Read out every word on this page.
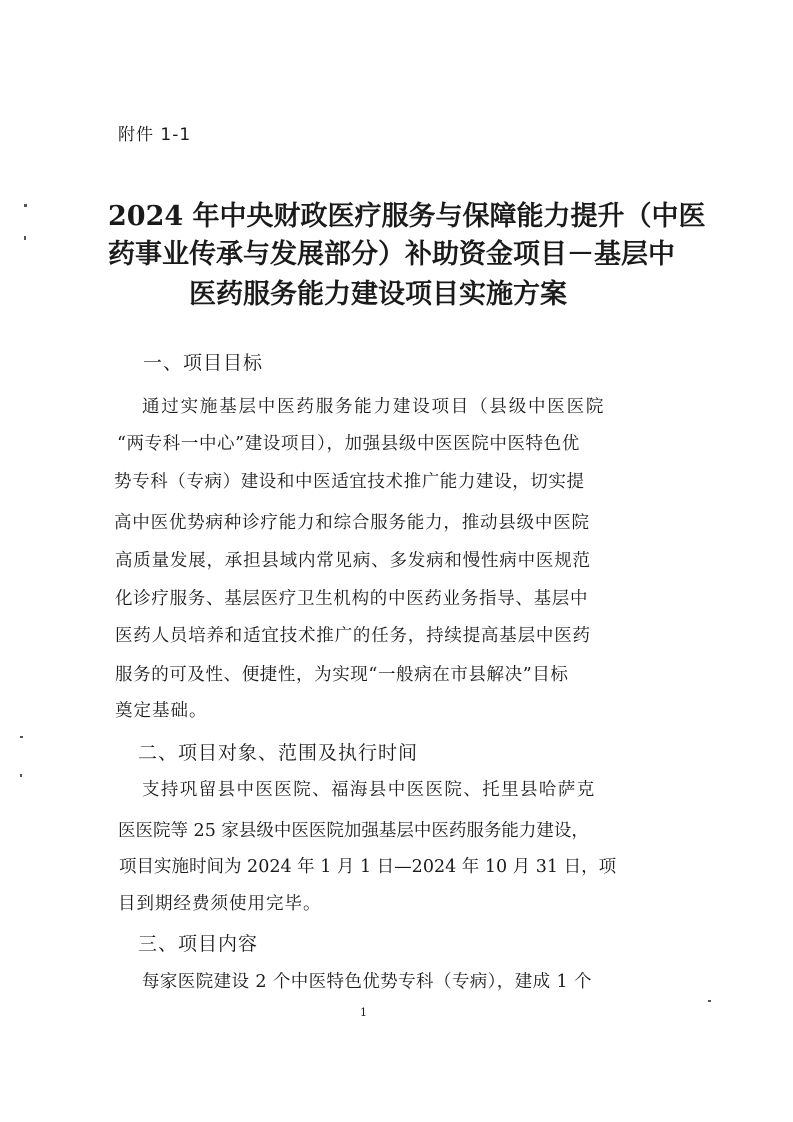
附件 1-1
2024 年中央财政医疗服务与保障能力提升（中医
药事业传承与发展部分）补助资金项目－基层中
医药服务能力建设项目实施方案
一、项目目标
通过实施基层中医药服务能力建设项目（县级中医医院
“两专科一中心”建设项目），加强县级中医医院中医特色优
势专科（专病）建设和中医适宜技术推广能力建设，切实提
高中医优势病种诊疗能力和综合服务能力，推动县级中医院
高质量发展，承担县域内常见病、多发病和慢性病中医规范
化诊疗服务、基层医疗卫生机构的中医药业务指导、基层中
医药人员培养和适宜技术推广的任务，持续提高基层中医药
服务的可及性、便捷性，为实现“一般病在市县解决”目标
奠定基础。
二、项目对象、范围及执行时间
支持巩留县中医医院、福海县中医医院、托里县哈萨克
医医院等 25 家县级中医医院加强基层中医药服务能力建设，
项目实施时间为 2024 年 1 月 1 日—2024 年 10 月 31 日，项
目到期经费须使用完毕。
三、项目内容
每家医院建设 2 个中医特色优势专科（专病），建成 1 个
1
